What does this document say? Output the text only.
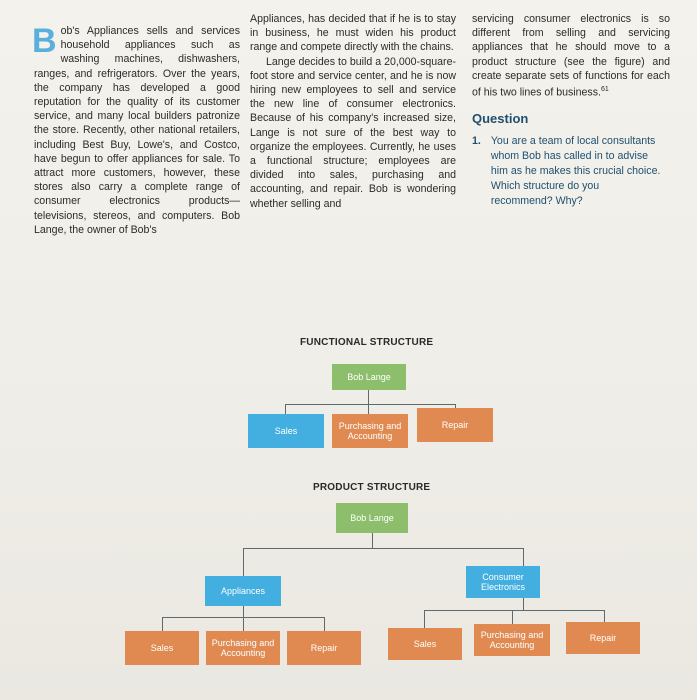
Bob's Appliances sells and services household appliances such as washing machines, dishwashers, ranges, and refrigerators. Over the years, the company has developed a good reputation for the quality of its customer service, and many local builders patronize the store. Recently, other national retailers, including Best Buy, Lowe's, and Costco, have begun to offer appliances for sale. To attract more customers, however, these stores also carry a complete range of consumer electronics products—televisions, stereos, and computers. Bob Lange, the owner of Bob's

Appliances, has decided that if he is to stay in business, he must widen his product range and compete directly with the chains.

Lange decides to build a 20,000-square-foot store and service center, and he is now hiring new employees to sell and service the new line of consumer electronics. Because of his company's increased size, Lange is not sure of the best way to organize the employees. Currently, he uses a functional structure; employees are divided into sales, purchasing and accounting, and repair. Bob is wondering whether selling and

servicing consumer electronics is so different from selling and servicing appliances that he should move to a product structure (see the figure) and create separate sets of functions for each of his two lines of business.$^{61}$

Question
1. You are a team of local consultants whom Bob has called in to advise him as he makes this crucial choice. Which structure do you recommend? Why?
FUNCTIONAL STRUCTURE
Bob Lange
Sales	Purchasing and Accounting
Repair
PRODUCT STRUCTURE
Bob Lange
Appliances
Consumer Electronics
Sales	Purchasing and Accounting	Repair	Sales
Purchasing and Accounting
Repair
